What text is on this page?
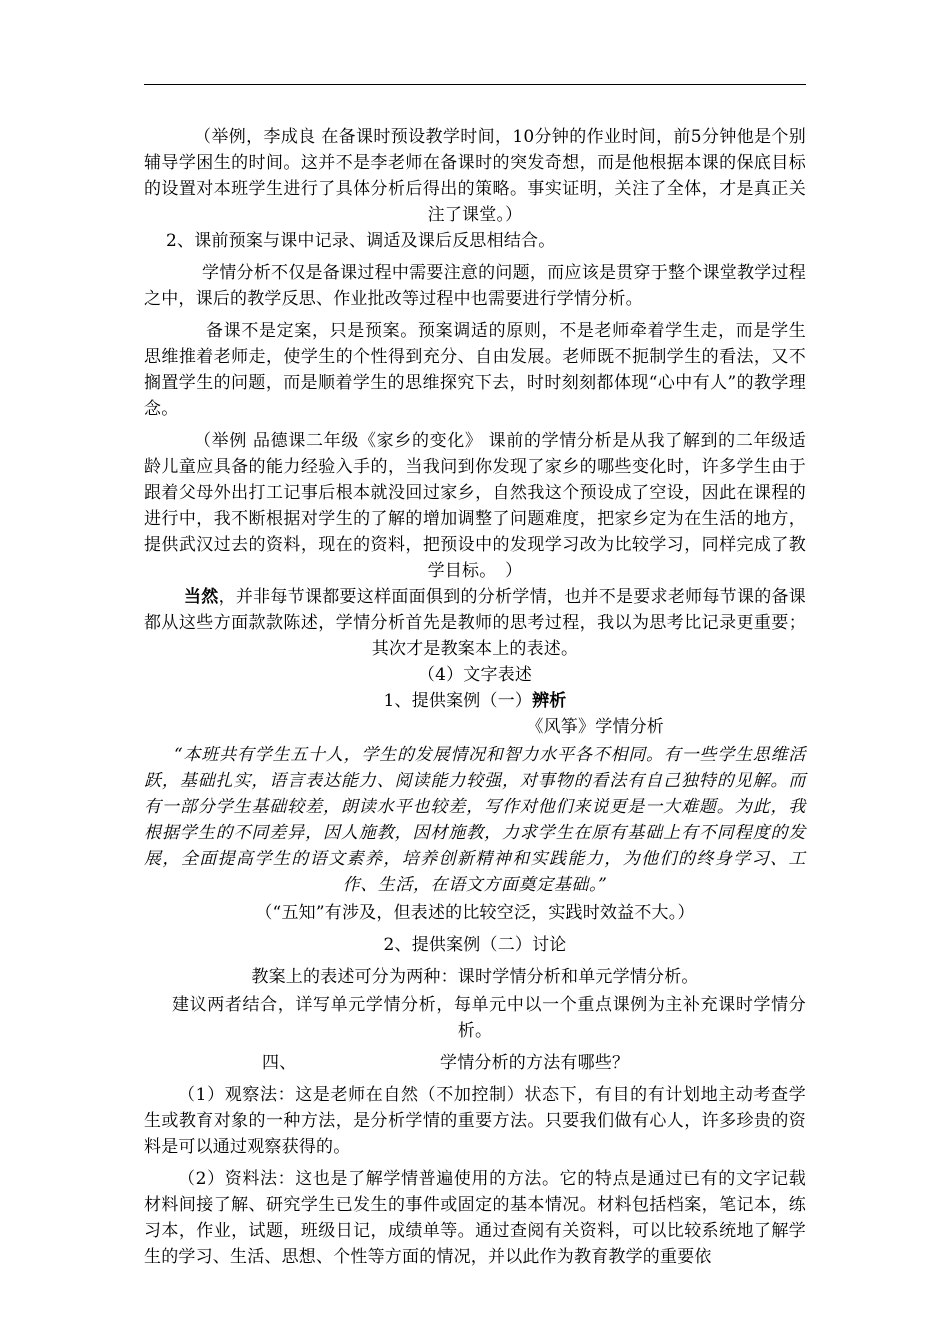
（举例，李成良 在备课时预设教学时间，10分钟的作业时间，前5分钟他是个别辅导学困生的时间。这并不是李老师在备课时的突发奇想，而是他根据本课的保底目标的设置对本班学生进行了具体分析后得出的策略。事实证明，关注了全体，才是真正关注了课堂。）

2、课前预案与课中记录、调适及课后反思相结合。

学情分析不仅是备课过程中需要注意的问题，而应该是贯穿于整个课堂教学过程之中，课后的教学反思、作业批改等过程中也需要进行学情分析。

备课不是定案，只是预案。预案调适的原则，不是老师牵着学生走，而是学生思维推着老师走，使学生的个性得到充分、自由发展。老师既不扼制学生的看法，又不搁置学生的问题，而是顺着学生的思维探究下去，时时刻刻都体现“心中有人”的教学理念。

（举例 品德课二年级《家乡的变化》 课前的学情分析是从我了解到的二年级适龄儿童应具备的能力经验入手的，当我问到你发现了家乡的哪些变化时，许多学生由于跟着父母外出打工记事后根本就没回过家乡，自然我这个预设成了空设，因此在课程的进行中，我不断根据对学生的了解的增加调整了问题难度，把家乡定为在生活的地方，提供武汉过去的资料，现在的资料，把预设中的发现学习改为比较学习，同样完成了教学目标。　）

当然，并非每节课都要这样面面俱到的分析学情，也并不是要求老师每节课的备课都从这些方面款款陈述，学情分析首先是教师的思考过程，我以为思考比记录更重要；其次才是教案本上的表述。

（4）文字表述

1、提供案例（一）辨析

《风筝》学情分析

“本班共有学生五十人，学生的发展情况和智力水平各不相同。有一些学生思维活跃，基础扎实，语言表达能力、阅读能力较强，对事物的看法有自己独特的见解。而有一部分学生基础较差，朗读水平也较差，写作对他们来说更是一大难题。为此，我根据学生的不同差异，因人施教，因材施教，力求学生在原有基础上有不同程度的发展，全面提高学生的语文素养，培养创新精神和实践能力，为他们的终身学习、工作、生活，在语文方面奠定基础。”

（“五知”有涉及，但表述的比较空泛，实践时效益不大。）

2、提供案例（二）讨论

教案上的表述可分为两种：课时学情分析和单元学情分析。

建议两者结合，详写单元学情分析，每单元中以一个重点课例为主补充课时学情分析。

四、	学情分析的方法有哪些？

（1）观察法：这是老师在自然（不加控制）状态下，有目的有计划地主动考查学生或教育对象的一种方法，是分析学情的重要方法。只要我们做有心人，许多珍贵的资料是可以通过观察获得的。

（2）资料法：这也是了解学情普遍使用的方法。它的特点是通过已有的文字记载材料间接了解、研究学生已发生的事件或固定的基本情况。材料包括档案，笔记本，练习本，作业，试题，班级日记，成绩单等。通过查阅有关资料，可以比较系统地了解学生的学习、生活、思想、个性等方面的情况，并以此作为教育教学的重要依
